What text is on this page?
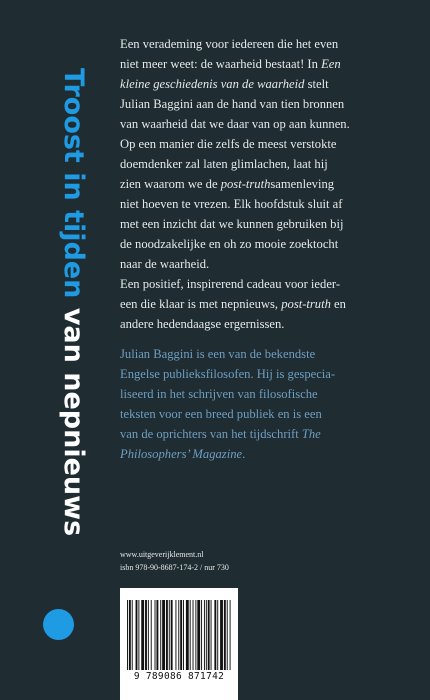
Troost in tijden van nepnieuws
Een verademing voor iedereen die het even
niet meer weet: de waarheid bestaat! In Een
kleine geschiedenis van de waarheid stelt
Julian Baggini aan de hand van tien bronnen
van waarheid dat we daar van op aan kunnen.
Op een manier die zelfs de meest verstokte
doemdenker zal laten glimlachen, laat hij
zien waarom we de post-truthsamenleving
niet hoeven te vrezen. Elk hoofdstuk sluit af
met een inzicht dat we kunnen gebruiken bij
de noodzakelijke en oh zo mooie zoektocht
naar de waarheid.
Een positief, inspirerend cadeau voor ieder-
een die klaar is met nepnieuws, post-truth en
andere hedendaagse ergernissen.
Julian Baggini is een van de bekendste
Engelse publieksfilosofen. Hij is gespecia-
liseerd in het schrijven van filosofische
teksten voor een breed publiek en is een
van de oprichters van het tijdschrift The
Philosophers’ Magazine.
www.uitgeverijklement.nl
isbn 978-90-8687-174-2 / nur 730
9 789086 871742
